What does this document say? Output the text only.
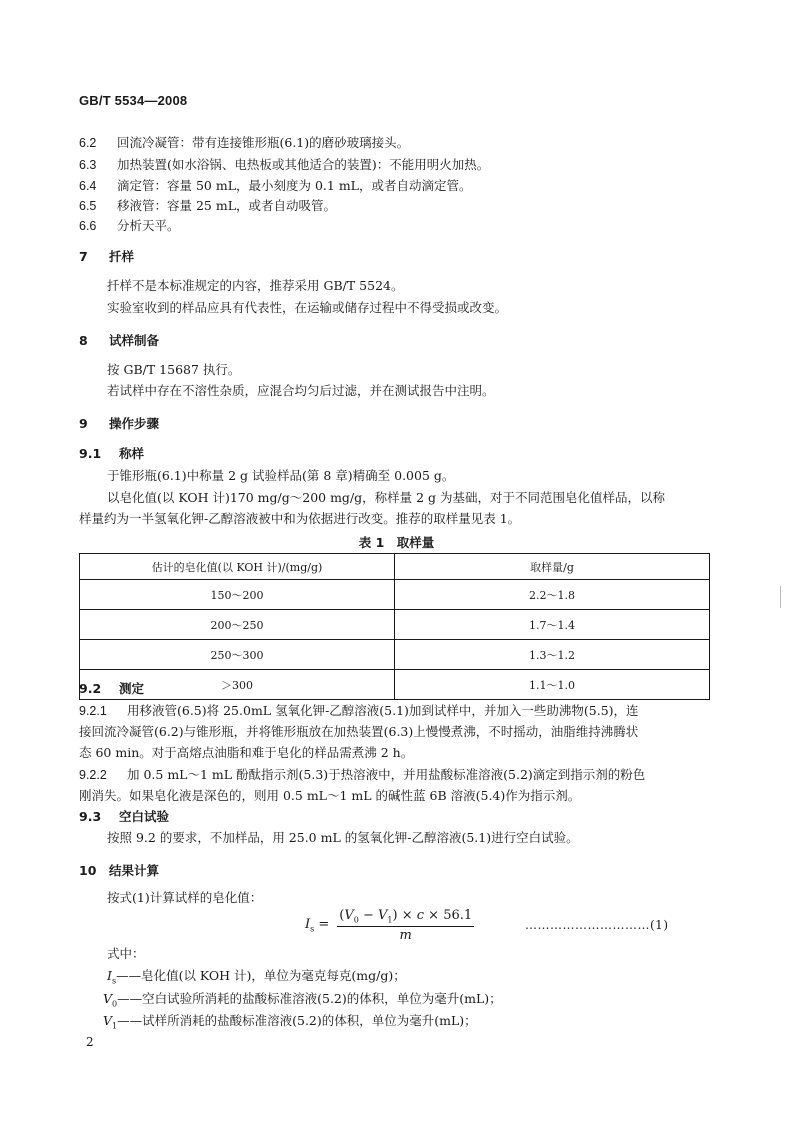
GB/T 5534—2008
6.2 回流冷凝管：带有连接锥形瓶(6.1)的磨砂玻璃接头。
6.3 加热装置(如水浴锅、电热板或其他适合的装置)：不能用明火加热。
6.4 滴定管：容量 50 mL，最小刻度为 0.1 mL，或者自动滴定管。
6.5 移液管：容量 25 mL，或者自动吸管。
6.6 分析天平。
7 扦样
扦样不是本标准规定的内容，推荐采用 GB/T 5524。
实验室收到的样品应具有代表性，在运输或储存过程中不得受损或改变。
8 试样制备
按 GB/T 15687 执行。
若试样中存在不溶性杂质，应混合均匀后过滤，并在测试报告中注明。
9 操作步骤
9.1 称样
于锥形瓶(6.1)中称量 2 g 试验样品(第 8 章)精确至 0.005 g。
以皂化值(以 KOH 计)170 mg/g～200 mg/g，称样量 2 g 为基础，对于不同范围皂化值样品，以称
样量约为一半氢氧化钾-乙醇溶液被中和为依据进行改变。推荐的取样量见表 1。
表 1　取样量
估计的皂化值(以 KOH 计)/(mg/g)	取样量/g
150～200	2.2～1.8
200～250	1.7～1.4
250～300	1.3～1.2
＞300	1.1～1.0
9.2 测定
9.2.1 用移液管(6.5)将 25.0mL 氢氧化钾-乙醇溶液(5.1)加到试样中，并加入一些助沸物(5.5)，连
接回流冷凝管(6.2)与锥形瓶，并将锥形瓶放在加热装置(6.3)上慢慢煮沸，不时摇动，油脂维持沸腾状
态 60 min。对于高熔点油脂和难于皂化的样品需煮沸 2 h。
9.2.2 加 0.5 mL～1 mL 酚酞指示剂(5.3)于热溶液中，并用盐酸标准溶液(5.2)滴定到指示剂的粉色
刚消失。如果皂化液是深色的，则用 0.5 mL～1 mL 的碱性蓝 6B 溶液(5.4)作为指示剂。
9.3 空白试验
按照 9.2 的要求，不加样品，用 25.0 mL 的氢氧化钾-乙醇溶液(5.1)进行空白试验。
10 结果计算
按式(1)计算试样的皂化值：
$I_s = \frac{(V_0 - V_1) \times c \times 56.1}{m}$	…………………………(1)
式中：
$I_s——$皂化值(以 KOH 计)，单位为毫克每克(mg/g)；
$V_0——$空白试验所消耗的盐酸标准溶液(5.2)的体积，单位为毫升(mL)；
$V_1——$试样所消耗的盐酸标准溶液(5.2)的体积，单位为毫升(mL)；
2
